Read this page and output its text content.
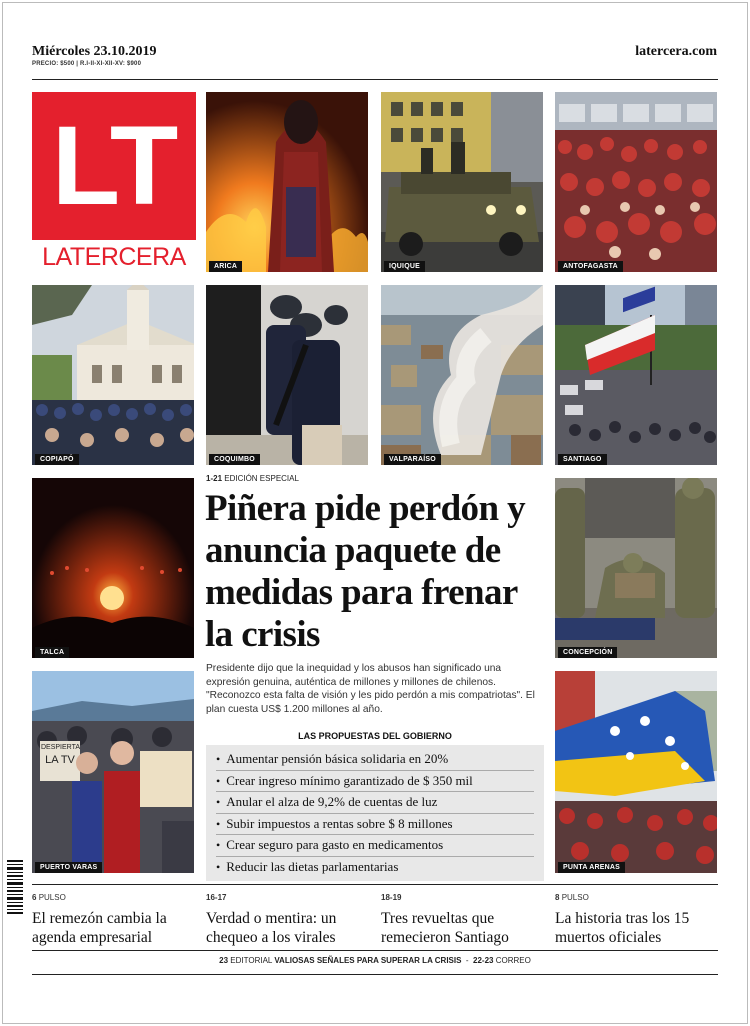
Miércoles 23.10.2019
PRECIO: $500 | R.I-II-XI-XII-XV: $900
latercera.com
LT
LATERCERA	ARICA	IQUIQUE	ANTOFAGASTA
COPIAPÓ	COQUIMBO	VALPARAÍSO	SANTIAGO
TALCA	CONCEPCIÓN
DESPIERTA
LA TV
PUERTO VARAS	PUNTA ARENAS
1-21 EDICIÓN ESPECIAL
Piñera pide perdón y anuncia paquete de medidas para frenar la crisis

Presidente dijo que la inequidad y los abusos han significado una expresión genuina, auténtica de millones y millones de chilenos. "Reconozco esta falta de visión y les pido perdón a mis compatriotas". El plan cuesta US$ 1.200 millones al año.

LAS PROPUESTAS DEL GOBIERNO
• Aumentar pensión básica solidaria en 20%
• Crear ingreso mínimo garantizado de $ 350 mil
• Anular el alza de 9,2% de cuentas de luz
• Subir impuestos a rentas sobre $ 8 millones
• Crear seguro para gasto en medicamentos
• Reducir las dietas parlamentarias
6 PULSO
El remezón cambia la agenda empresarial
16-17
Verdad o mentira: un chequeo a los virales
18-19
Tres revueltas que remecieron Santiago
8 PULSO
La historia tras los 15 muertos oficiales
23 EDITORIAL VALIOSAS SEÑALES PARA SUPERAR LA CRISIS  -  22-23 CORREO
